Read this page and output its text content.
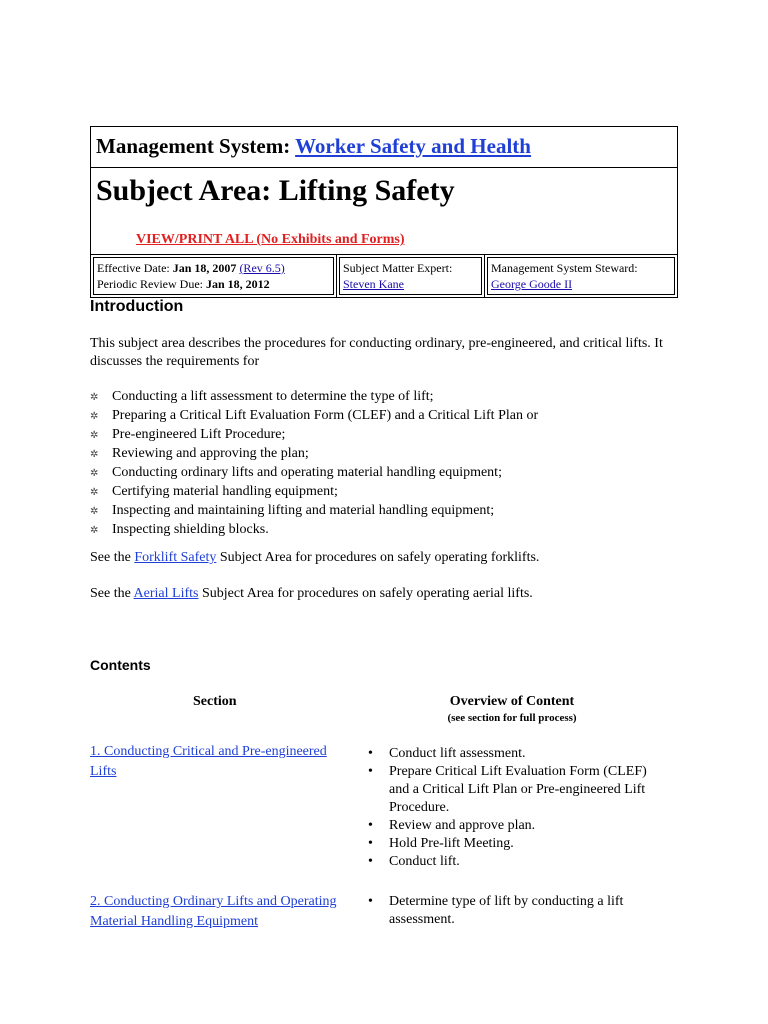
Management System: Worker Safety and Health
Subject Area: Lifting Safety
VIEW/PRINT ALL (No Exhibits and Forms)
Effective Date: Jan 18, 2007 (Rev 6.5)
Periodic Review Due: Jan 18, 2012
Subject Matter Expert:
Steven Kane
Management System Steward:
George Goode II
Introduction
This subject area describes the procedures for conducting ordinary, pre-engineered, and critical lifts. It discusses the requirements for
✲ Conducting a lift assessment to determine the type of lift;
✲ Preparing a Critical Lift Evaluation Form (CLEF) and a Critical Lift Plan or
✲ Pre-engineered Lift Procedure;
✲ Reviewing and approving the plan;
✲ Conducting ordinary lifts and operating material handling equipment;
✲ Certifying material handling equipment;
✲ Inspecting and maintaining lifting and material handling equipment;
✲ Inspecting shielding blocks.
See the Forklift Safety Subject Area for procedures on safely operating forklifts.
See the Aerial Lifts Subject Area for procedures on safely operating aerial lifts.
Contents
Section	Overview of Content
(see section for full process)
1. Conducting Critical and Pre-engineered Lifts
•	Conduct lift assessment.
•	Prepare Critical Lift Evaluation Form (CLEF) and a Critical Lift Plan or Pre-engineered Lift Procedure.
•	Review and approve plan.
•	Hold Pre-lift Meeting.
•	Conduct lift.
2. Conducting Ordinary Lifts and Operating Material Handling Equipment
•	Determine type of lift by conducting a lift assessment.
